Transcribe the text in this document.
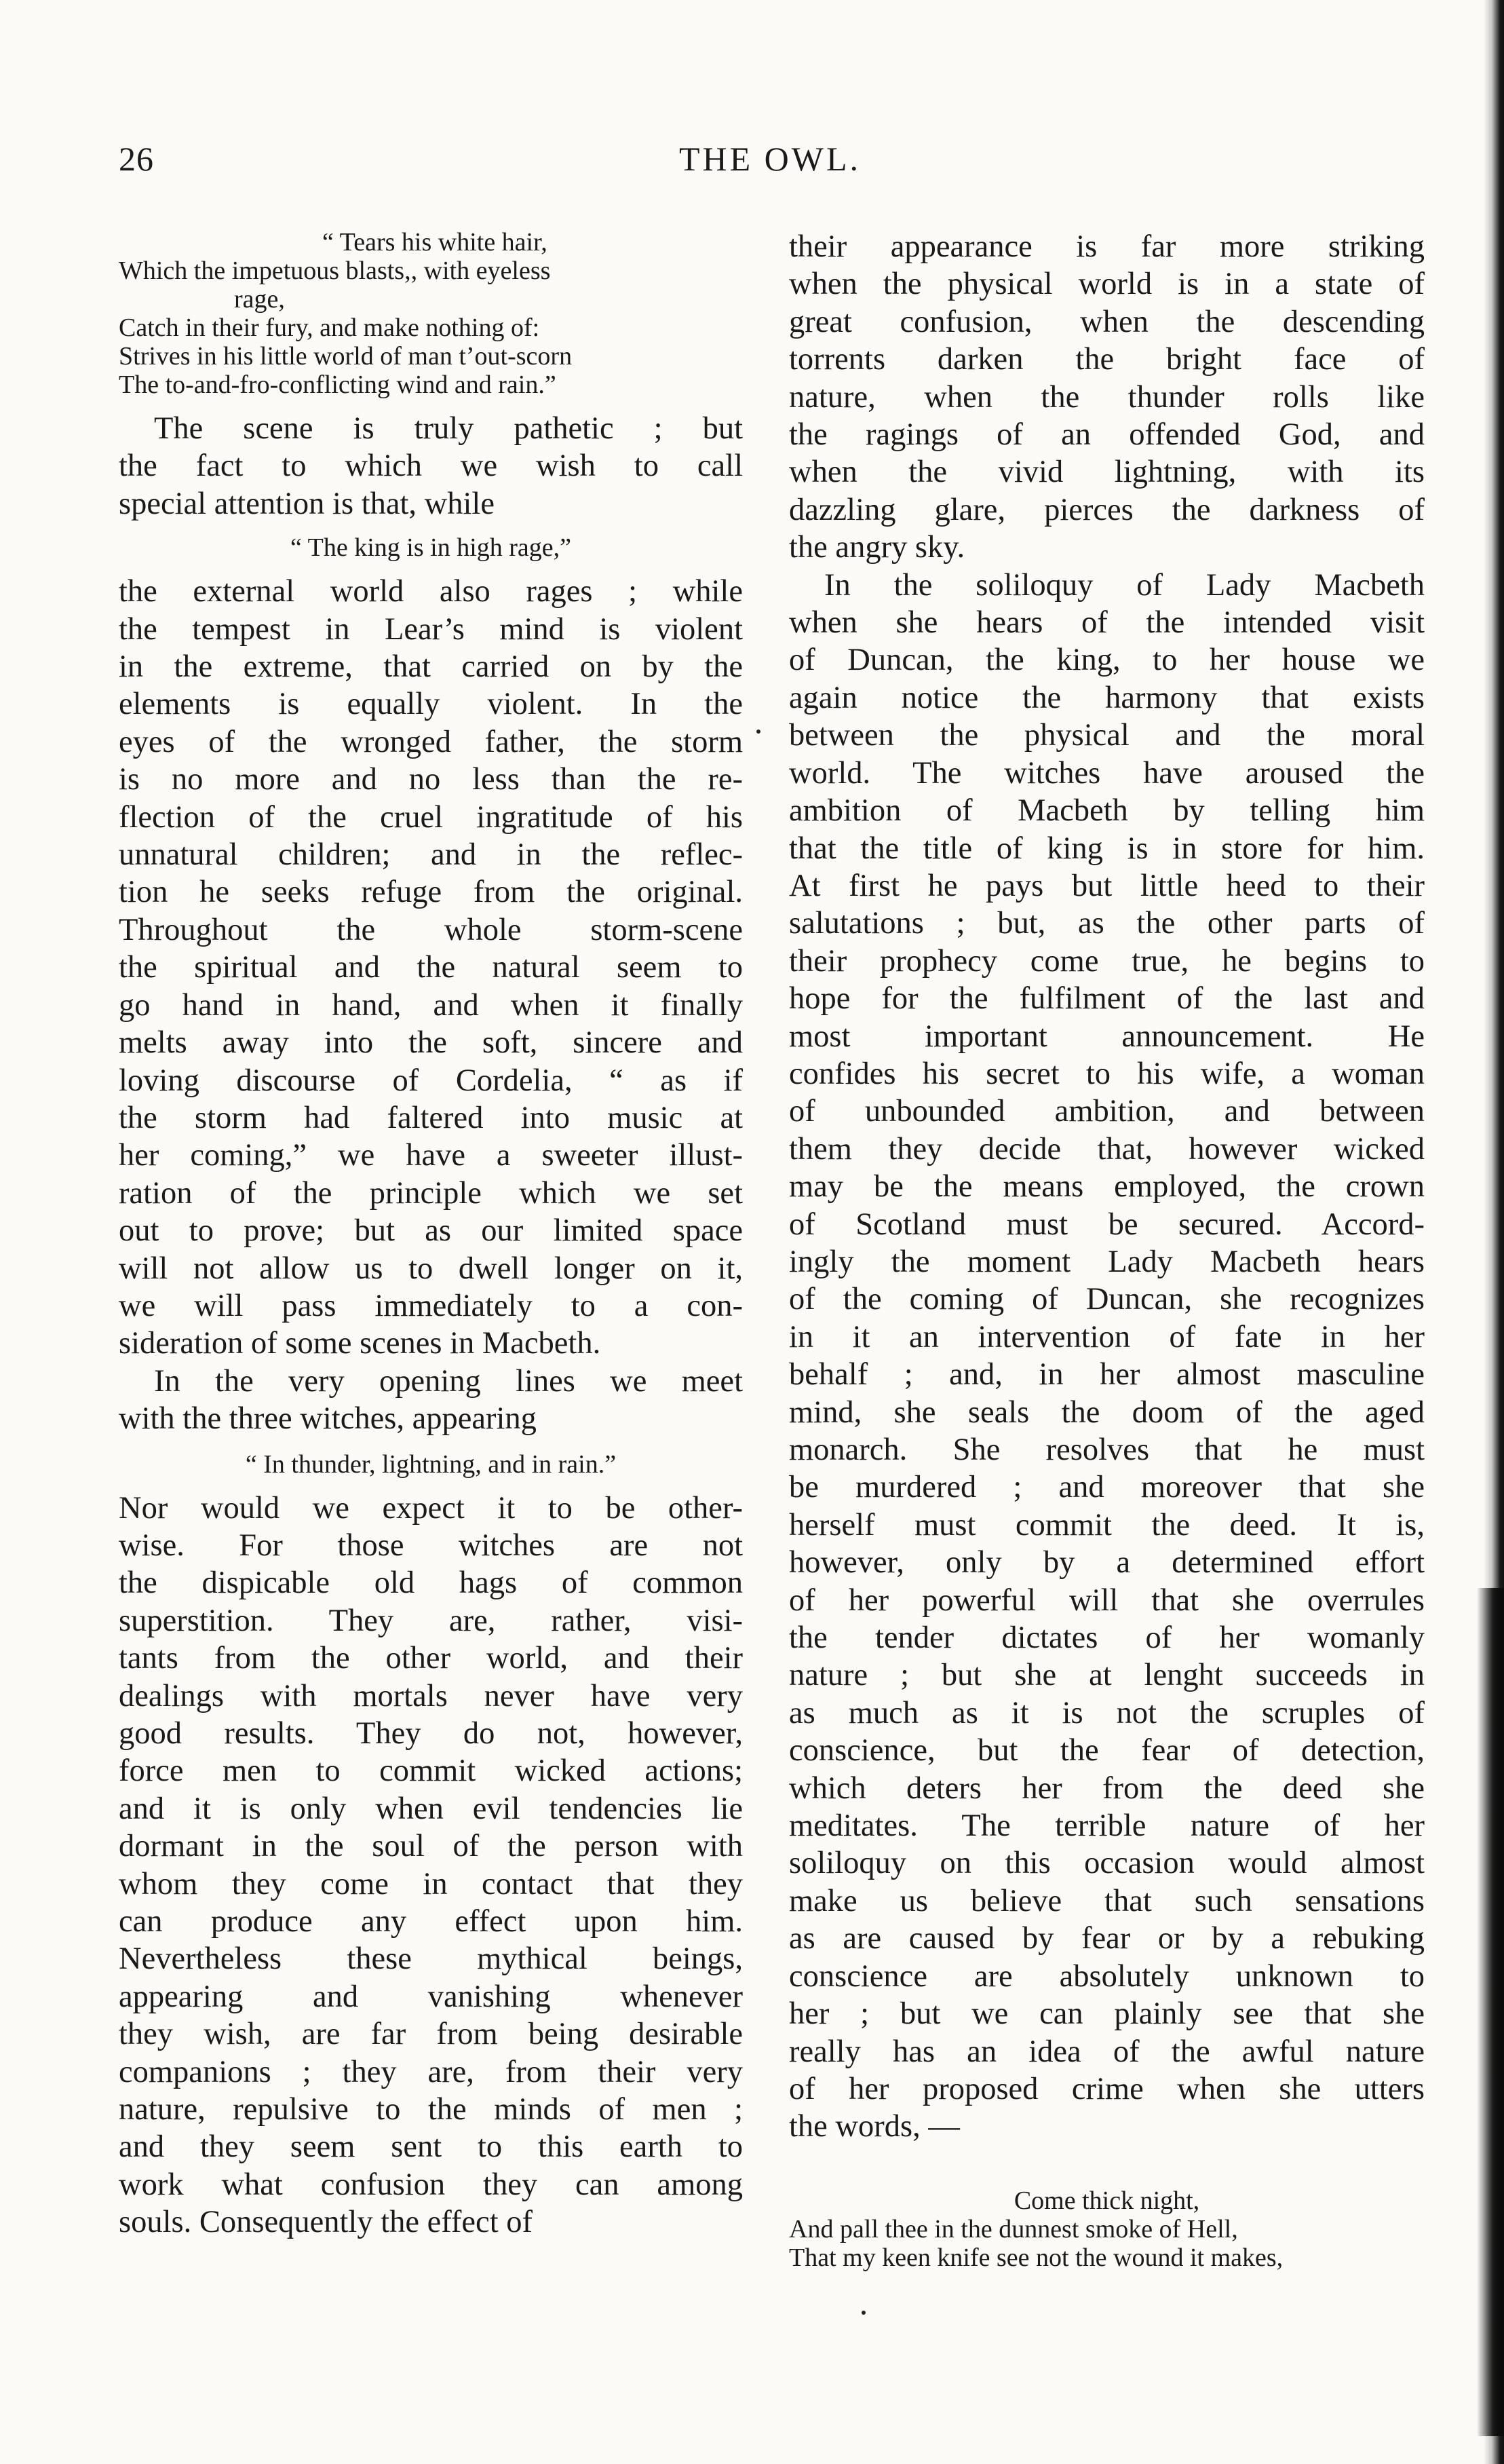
26	THE OWL.
“ Tears his white hair,
Which the impetuous blasts,, with eyeless
rage,
Catch in their fury, and make nothing of:
Strives in his little world of man t’out-scorn
The to-and-fro-conflicting wind and rain.”
The scene is truly pathetic ; but
the fact to which we wish to call
special attention is that, while
“ The king is in high rage,”
the external world also rages ; while
the tempest in Lear’s mind is violent
in the extreme, that carried on by the
elements is equally violent. In the
eyes of the wronged father, the storm
is no more and no less than the re-
flection of the cruel ingratitude of his
unnatural children; and in the reflec-
tion he seeks refuge from the original.
Throughout the whole storm-scene
the spiritual and the natural seem to
go hand in hand, and when it finally
melts away into the soft, sincere and
loving discourse of Cordelia, “ as if
the storm had faltered into music at
her coming,” we have a sweeter illust-
ration of the principle which we set
out to prove; but as our limited space
will not allow us to dwell longer on it,
we will pass immediately to a con-
sideration of some scenes in Macbeth.
In the very opening lines we meet
with the three witches, appearing
“ In thunder, lightning, and in rain.”
Nor would we expect it to be other-
wise. For those witches are not
the dispicable old hags of common
superstition. They are, rather, visi-
tants from the other world, and their
dealings with mortals never have very
good results. They do not, however,
force men to commit wicked actions;
and it is only when evil tendencies lie
dormant in the soul of the person with
whom they come in contact that they
can produce any effect upon him.
Nevertheless these mythical beings,
appearing and vanishing whenever
they wish, are far from being desirable
companions ; they are, from their very
nature, repulsive to the minds of men ;
and they seem sent to this earth to
work what confusion they can among
souls. Consequently the effect of
their appearance is far more striking
when the physical world is in a state of
great confusion, when the descending
torrents darken the bright face of
nature, when the thunder rolls like
the ragings of an offended God, and
when the vivid lightning, with its
dazzling glare, pierces the darkness of
the angry sky.
In the soliloquy of Lady Macbeth
when she hears of the intended visit
of Duncan, the king, to her house we
again notice the harmony that exists
between the physical and the moral
world. The witches have aroused the
ambition of Macbeth by telling him
that the title of king is in store for him.
At first he pays but little heed to their
salutations ; but, as the other parts of
their prophecy come true, he begins to
hope for the fulfilment of the last and
most important announcement. He
confides his secret to his wife, a woman
of unbounded ambition, and between
them they decide that, however wicked
may be the means employed, the crown
of Scotland must be secured. Accord-
ingly the moment Lady Macbeth hears
of the coming of Duncan, she recognizes
in it an intervention of fate in her
behalf ; and, in her almost masculine
mind, she seals the doom of the aged
monarch. She resolves that he must
be murdered ; and moreover that she
herself must commit the deed. It is,
however, only by a determined effort
of her powerful will that she overrules
the tender dictates of her womanly
nature ; but she at lenght succeeds in
as much as it is not the scruples of
conscience, but the fear of detection,
which deters her from the deed she
meditates. The terrible nature of her
soliloquy on this occasion would almost
make us believe that such sensations
as are caused by fear or by a rebuking
conscience are absolutely unknown to
her ; but we can plainly see that she
really has an idea of the awful nature
of her proposed crime when she utters
the words, —
Come thick night,
And pall thee in the dunnest smoke of Hell,
That my keen knife see not the wound it makes,
